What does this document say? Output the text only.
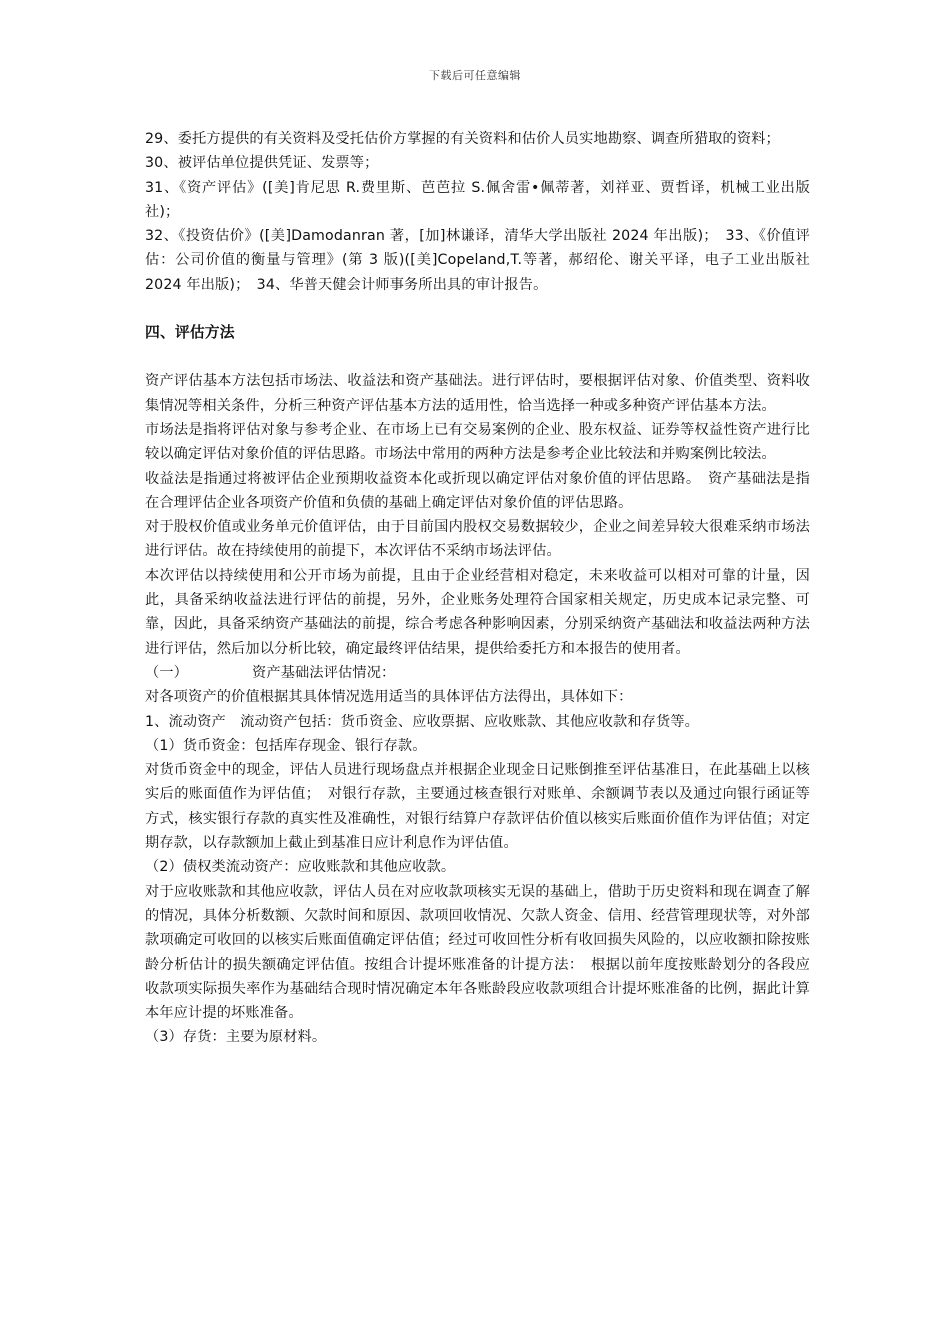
下载后可任意编辑

29、委托方提供的有关资料及受托估价方掌握的有关资料和估价人员实地勘察、调查所猎取的资料；

30、被评估单位提供凭证、发票等；

31、《资产评估》([美]肯尼思 R.费里斯、芭芭拉 S.佩舍雷•佩蒂著，刘祥亚、贾哲译，机械工业出版社)；

32、《投资估价》([美]Damodanran 著，[加]林谦译，清华大学出版社 2024 年出版)；　33、《价值评估：公司价值的衡量与管理》(第 3 版)([美]Copeland,T.等著，郝绍伦、谢关平译，电子工业出版社 2024 年出版)；　34、华普天健会计师事务所出具的审计报告。

四、评估方法

资产评估基本方法包括市场法、收益法和资产基础法。进行评估时，要根据评估对象、价值类型、资料收集情况等相关条件，分析三种资产评估基本方法的适用性，恰当选择一种或多种资产评估基本方法。

市场法是指将评估对象与参考企业、在市场上已有交易案例的企业、股东权益、证券等权益性资产进行比较以确定评估对象价值的评估思路。市场法中常用的两种方法是参考企业比较法和并购案例比较法。

收益法是指通过将被评估企业预期收益资本化或折现以确定评估对象价值的评估思路。　资产基础法是指在合理评估企业各项资产价值和负债的基础上确定评估对象价值的评估思路。

对于股权价值或业务单元价值评估，由于目前国内股权交易数据较少，企业之间差异较大很难采纳市场法进行评估。故在持续使用的前提下，本次评估不采纳市场法评估。

本次评估以持续使用和公开市场为前提，且由于企业经营相对稳定，未来收益可以相对可靠的计量，因此，具备采纳收益法进行评估的前提，另外，企业账务处理符合国家相关规定，历史成本记录完整、可靠，因此，具备采纳资产基础法的前提，综合考虑各种影响因素，分别采纳资产基础法和收益法两种方法进行评估，然后加以分析比较，确定最终评估结果，提供给委托方和本报告的使用者。

（一）	资产基础法评估情况：

对各项资产的价值根据其具体情况选用适当的具体评估方法得出，具体如下：

1、流动资产　流动资产包括：货币资金、应收票据、应收账款、其他应收款和存货等。

（1）货币资金：包括库存现金、银行存款。

对货币资金中的现金，评估人员进行现场盘点并根据企业现金日记账倒推至评估基准日，在此基础上以核实后的账面值作为评估值；　对银行存款，主要通过核查银行对账单、余额调节表以及通过向银行函证等方式，核实银行存款的真实性及准确性，对银行结算户存款评估价值以核实后账面价值作为评估值；对定期存款，以存款额加上截止到基准日应计利息作为评估值。

（2）债权类流动资产：应收账款和其他应收款。

对于应收账款和其他应收款，评估人员在对应收款项核实无误的基础上，借助于历史资料和现在调查了解的情况，具体分析数额、欠款时间和原因、款项回收情况、欠款人资金、信用、经营管理现状等，对外部款项确定可收回的以核实后账面值确定评估值；经过可收回性分析有收回损失风险的，以应收额扣除按账龄分析估计的损失额确定评估值。按组合计提坏账准备的计提方法：　根据以前年度按账龄划分的各段应收款项实际损失率作为基础结合现时情况确定本年各账龄段应收款项组合计提坏账准备的比例，据此计算本年应计提的坏账准备。

（3）存货：主要为原材料。
